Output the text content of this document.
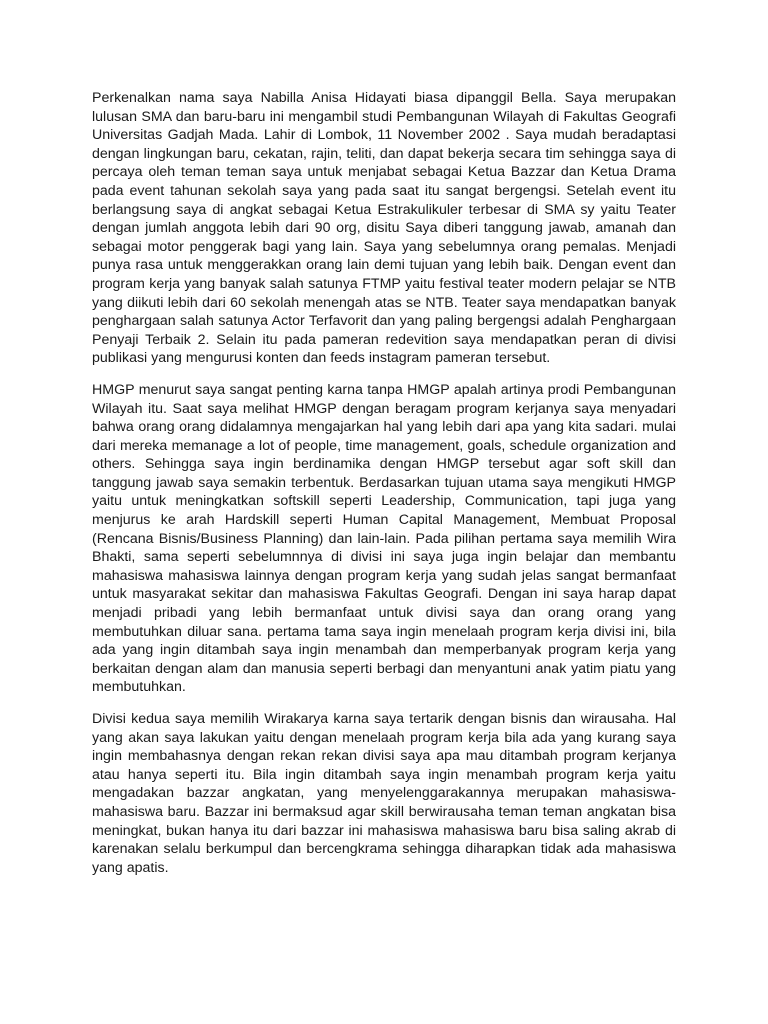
Perkenalkan nama saya Nabilla Anisa Hidayati biasa dipanggil Bella. Saya merupakan lulusan SMA dan baru-baru ini mengambil studi Pembangunan Wilayah di Fakultas Geografi Universitas Gadjah Mada. Lahir di Lombok, 11 November 2002 . Saya mudah beradaptasi dengan lingkungan baru, cekatan, rajin, teliti, dan dapat bekerja secara tim sehingga saya di percaya oleh teman teman saya untuk menjabat sebagai Ketua Bazzar dan Ketua Drama pada event tahunan sekolah saya yang pada saat itu sangat bergengsi. Setelah event itu berlangsung saya di angkat sebagai Ketua Estrakulikuler terbesar di SMA sy yaitu Teater dengan jumlah anggota lebih dari 90 org, disitu Saya diberi tanggung jawab, amanah dan sebagai motor penggerak bagi yang lain. Saya yang sebelumnya orang pemalas. Menjadi punya rasa untuk menggerakkan orang lain demi tujuan yang lebih baik. Dengan event dan program kerja yang banyak salah satunya FTMP yaitu festival teater modern pelajar se NTB yang diikuti lebih dari 60 sekolah menengah atas se NTB. Teater saya mendapatkan banyak penghargaan salah satunya Actor Terfavorit dan yang paling bergengsi adalah Penghargaan Penyaji Terbaik 2. Selain itu pada pameran redevition saya mendapatkan peran di divisi publikasi yang mengurusi konten dan feeds instagram pameran tersebut.

HMGP menurut saya sangat penting karna tanpa HMGP apalah artinya prodi Pembangunan Wilayah itu. Saat saya melihat HMGP dengan beragam program kerjanya saya menyadari bahwa orang orang didalamnya mengajarkan hal yang lebih dari apa yang kita sadari. mulai dari mereka memanage a lot of people, time management, goals, schedule organization and others. Sehingga saya ingin berdinamika dengan HMGP tersebut agar soft skill dan tanggung jawab saya semakin terbentuk. Berdasarkan tujuan utama saya mengikuti HMGP yaitu untuk meningkatkan softskill seperti Leadership, Communication, tapi juga yang menjurus ke arah Hardskill seperti Human Capital Management, Membuat Proposal (Rencana Bisnis/Business Planning) dan lain-lain. Pada pilihan pertama saya memilih Wira Bhakti, sama seperti sebelumnnya di divisi ini saya juga ingin belajar dan membantu mahasiswa mahasiswa lainnya dengan program kerja yang sudah jelas sangat bermanfaat untuk masyarakat sekitar dan mahasiswa Fakultas Geografi. Dengan ini saya harap dapat menjadi pribadi yang lebih bermanfaat untuk divisi saya dan orang orang yang membutuhkan diluar sana. pertama tama saya ingin menelaah program kerja divisi ini, bila ada yang ingin ditambah saya ingin menambah dan memperbanyak program kerja yang berkaitan dengan alam dan manusia seperti berbagi dan menyantuni anak yatim piatu yang membutuhkan.

Divisi kedua saya memilih Wirakarya karna saya tertarik dengan bisnis dan wirausaha. Hal yang akan saya lakukan yaitu dengan menelaah program kerja bila ada yang kurang saya ingin membahasnya dengan rekan rekan divisi saya apa mau ditambah program kerjanya atau hanya seperti itu. Bila ingin ditambah saya ingin menambah program kerja yaitu mengadakan bazzar angkatan, yang menyelenggarakannya merupakan mahasiswa-mahasiswa baru. Bazzar ini bermaksud agar skill berwirausaha teman teman angkatan bisa meningkat, bukan hanya itu dari bazzar ini mahasiswa mahasiswa baru bisa saling akrab di karenakan selalu berkumpul dan bercengkrama sehingga diharapkan tidak ada mahasiswa yang apatis.
